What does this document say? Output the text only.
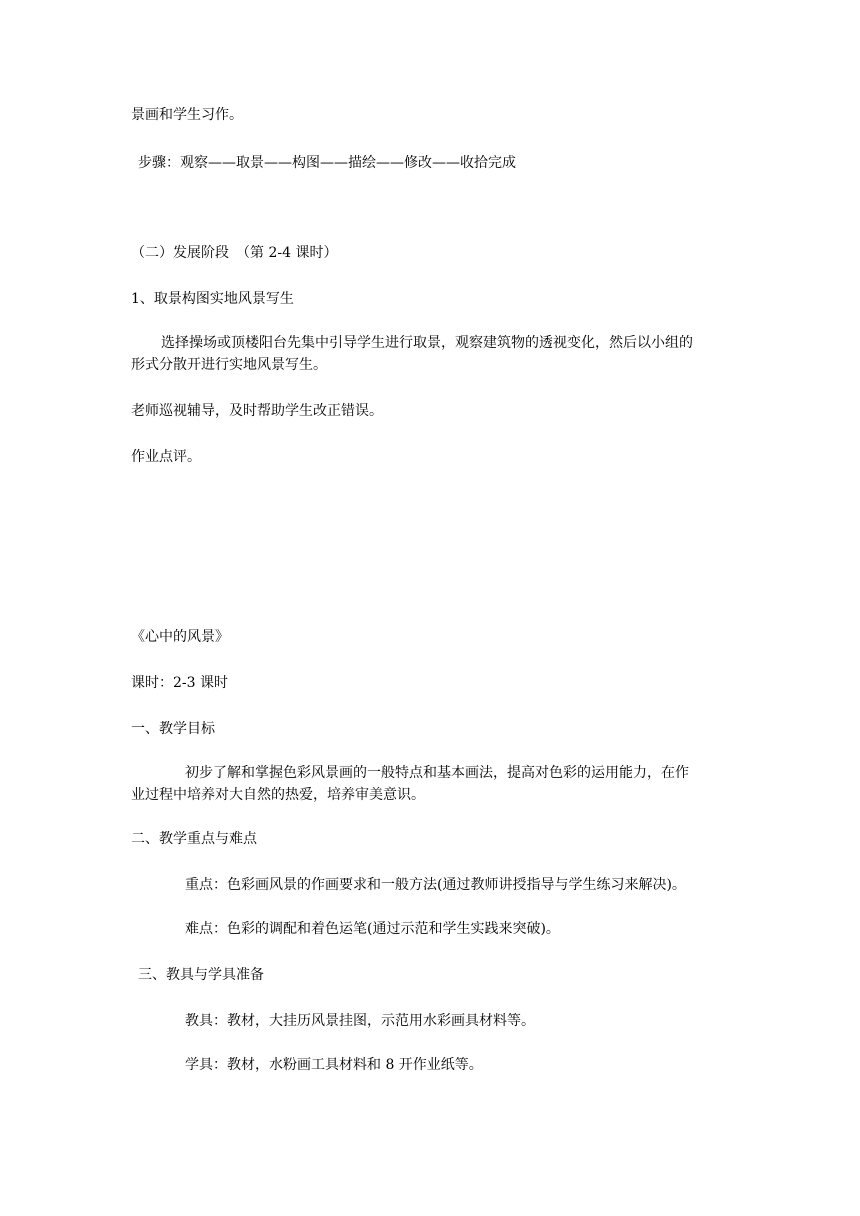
景画和学生习作。
步骤：观察——取景——构图——描绘——修改——收拾完成
（二）发展阶段　（第 2-4 课时）
1、取景构图实地风景写生
选择操场或顶楼阳台先集中引导学生进行取景，观察建筑物的透视变化，然后以小组的
形式分散开进行实地风景写生。
老师巡视辅导，及时帮助学生改正错误。
作业点评。
《心中的风景》
课时：2-3 课时
一、教学目标
初步了解和掌握色彩风景画的一般特点和基本画法，提高对色彩的运用能力，在作
业过程中培养对大自然的热爱，培养审美意识。
二、教学重点与难点
重点：色彩画风景的作画要求和一般方法(通过教师讲授指导与学生练习来解决)。
难点：色彩的调配和着色运笔(通过示范和学生实践来突破)。
三、教具与学具准备
教具：教材，大挂历风景挂图，示范用水彩画具材料等。
学具：教材，水粉画工具材料和 8 开作业纸等。
